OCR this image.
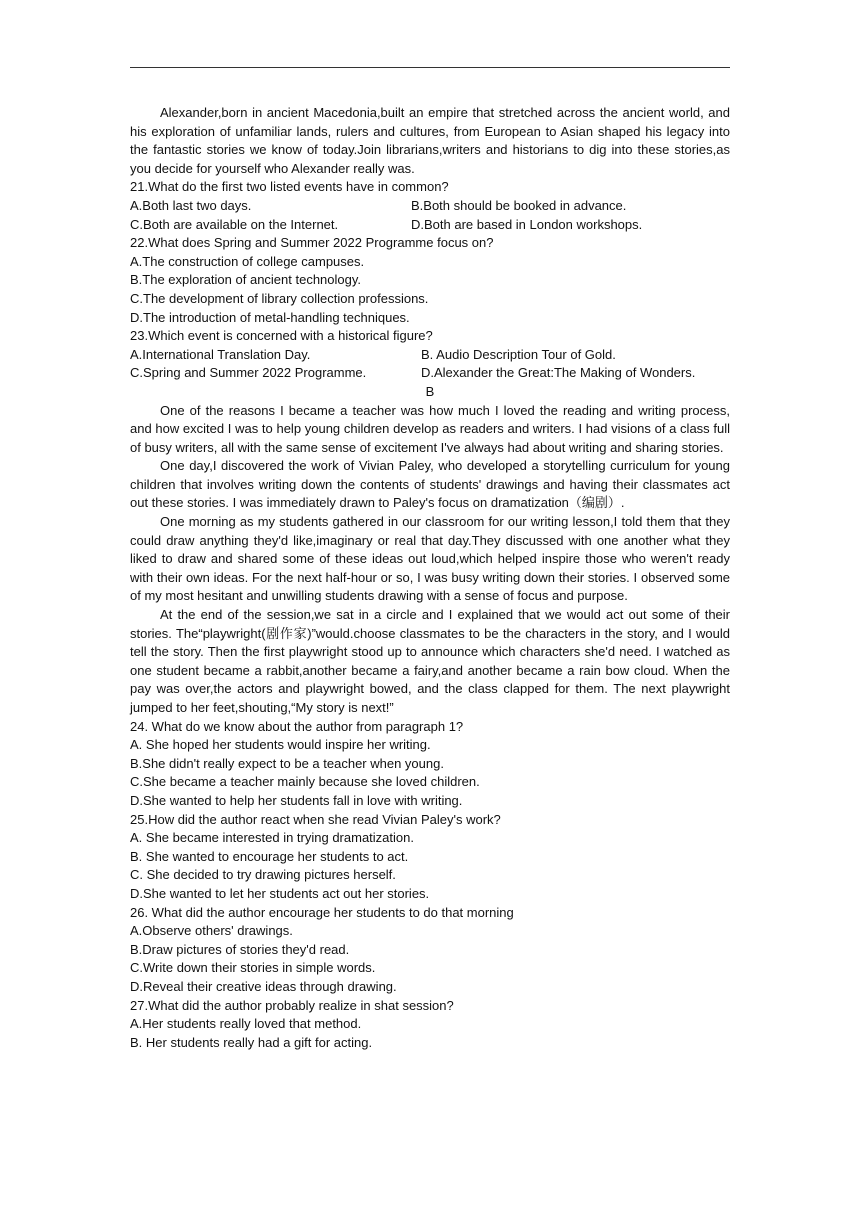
Alexander,born in ancient Macedonia,built an empire that stretched across the ancient world, and his exploration of unfamiliar lands, rulers and cultures, from European to Asian shaped his legacy into the fantastic stories we know of today.Join librarians,writers and historians to dig into these stories,as you decide for yourself who Alexander really was.

21.What do the first two listed events have in common?

A.Both last two days.	B.Both should be booked in advance.
C.Both are available on the Internet.	D.Both are based in London workshops.

22.What does Spring and Summer 2022 Programme focus on?

A.The construction of college campuses.

B.The exploration of ancient technology.

C.The development of library collection professions.

D.The introduction of metal-handling techniques.

23.Which event is concerned with a historical figure?

A.International Translation Day.	B. Audio Description Tour of Gold.
C.Spring and Summer 2022 Programme.	D.Alexander the Great:The Making of Wonders.

B

One of the reasons I became a teacher was how much I loved the reading and writing process, and how excited I was to help young children develop as readers and writers. I had visions of a class full of busy writers, all with the same sense of excitement I've always had about writing and sharing stories.

One day,I discovered the work of Vivian Paley, who developed a storytelling curriculum for young children that involves writing down the contents of students' drawings and having their classmates act out these stories. I was immediately drawn to Paley's focus on dramatization（编剧）.

One morning as my students gathered in our classroom for our writing lesson,I told them that they could draw anything they'd like,imaginary or real that day.They discussed with one another what they liked to draw and shared some of these ideas out loud,which helped inspire those who weren't ready with their own ideas. For the next half-hour or so, I was busy writing down their stories. I observed some of my most hesitant and unwilling students drawing with a sense of focus and purpose.

At the end of the session,we sat in a circle and I explained that we would act out some of their stories. The“playwright(剧作家)”would.choose classmates to be the characters in the story, and I would tell the story. Then the first playwright stood up to announce which characters she'd need. I watched as one student became a rabbit,another became a fairy,and another became a rain bow cloud. When the pay was over,the actors and playwright bowed, and the class clapped for them. The next playwright jumped to her feet,shouting,“My story is next!”

24. What do we know about the author from paragraph 1?

A. She hoped her students would inspire her writing.

B.She didn't really expect to be a teacher when young.

C.She became a teacher mainly because she loved children.

D.She wanted to help her students fall in love with writing.

25.How did the author react when she read Vivian Paley's work?

A. She became interested in trying dramatization.

B. She wanted to encourage her students to act.

C. She decided to try drawing pictures herself.

D.She wanted to let her students act out her stories.

26. What did the author encourage her students to do that morning

A.Observe others' drawings.

B.Draw pictures of stories they'd read.

C.Write down their stories in simple words.

D.Reveal their creative ideas through drawing.

27.What did the author probably realize in shat session?

A.Her students really loved that method.

B. Her students really had a gift for acting.
